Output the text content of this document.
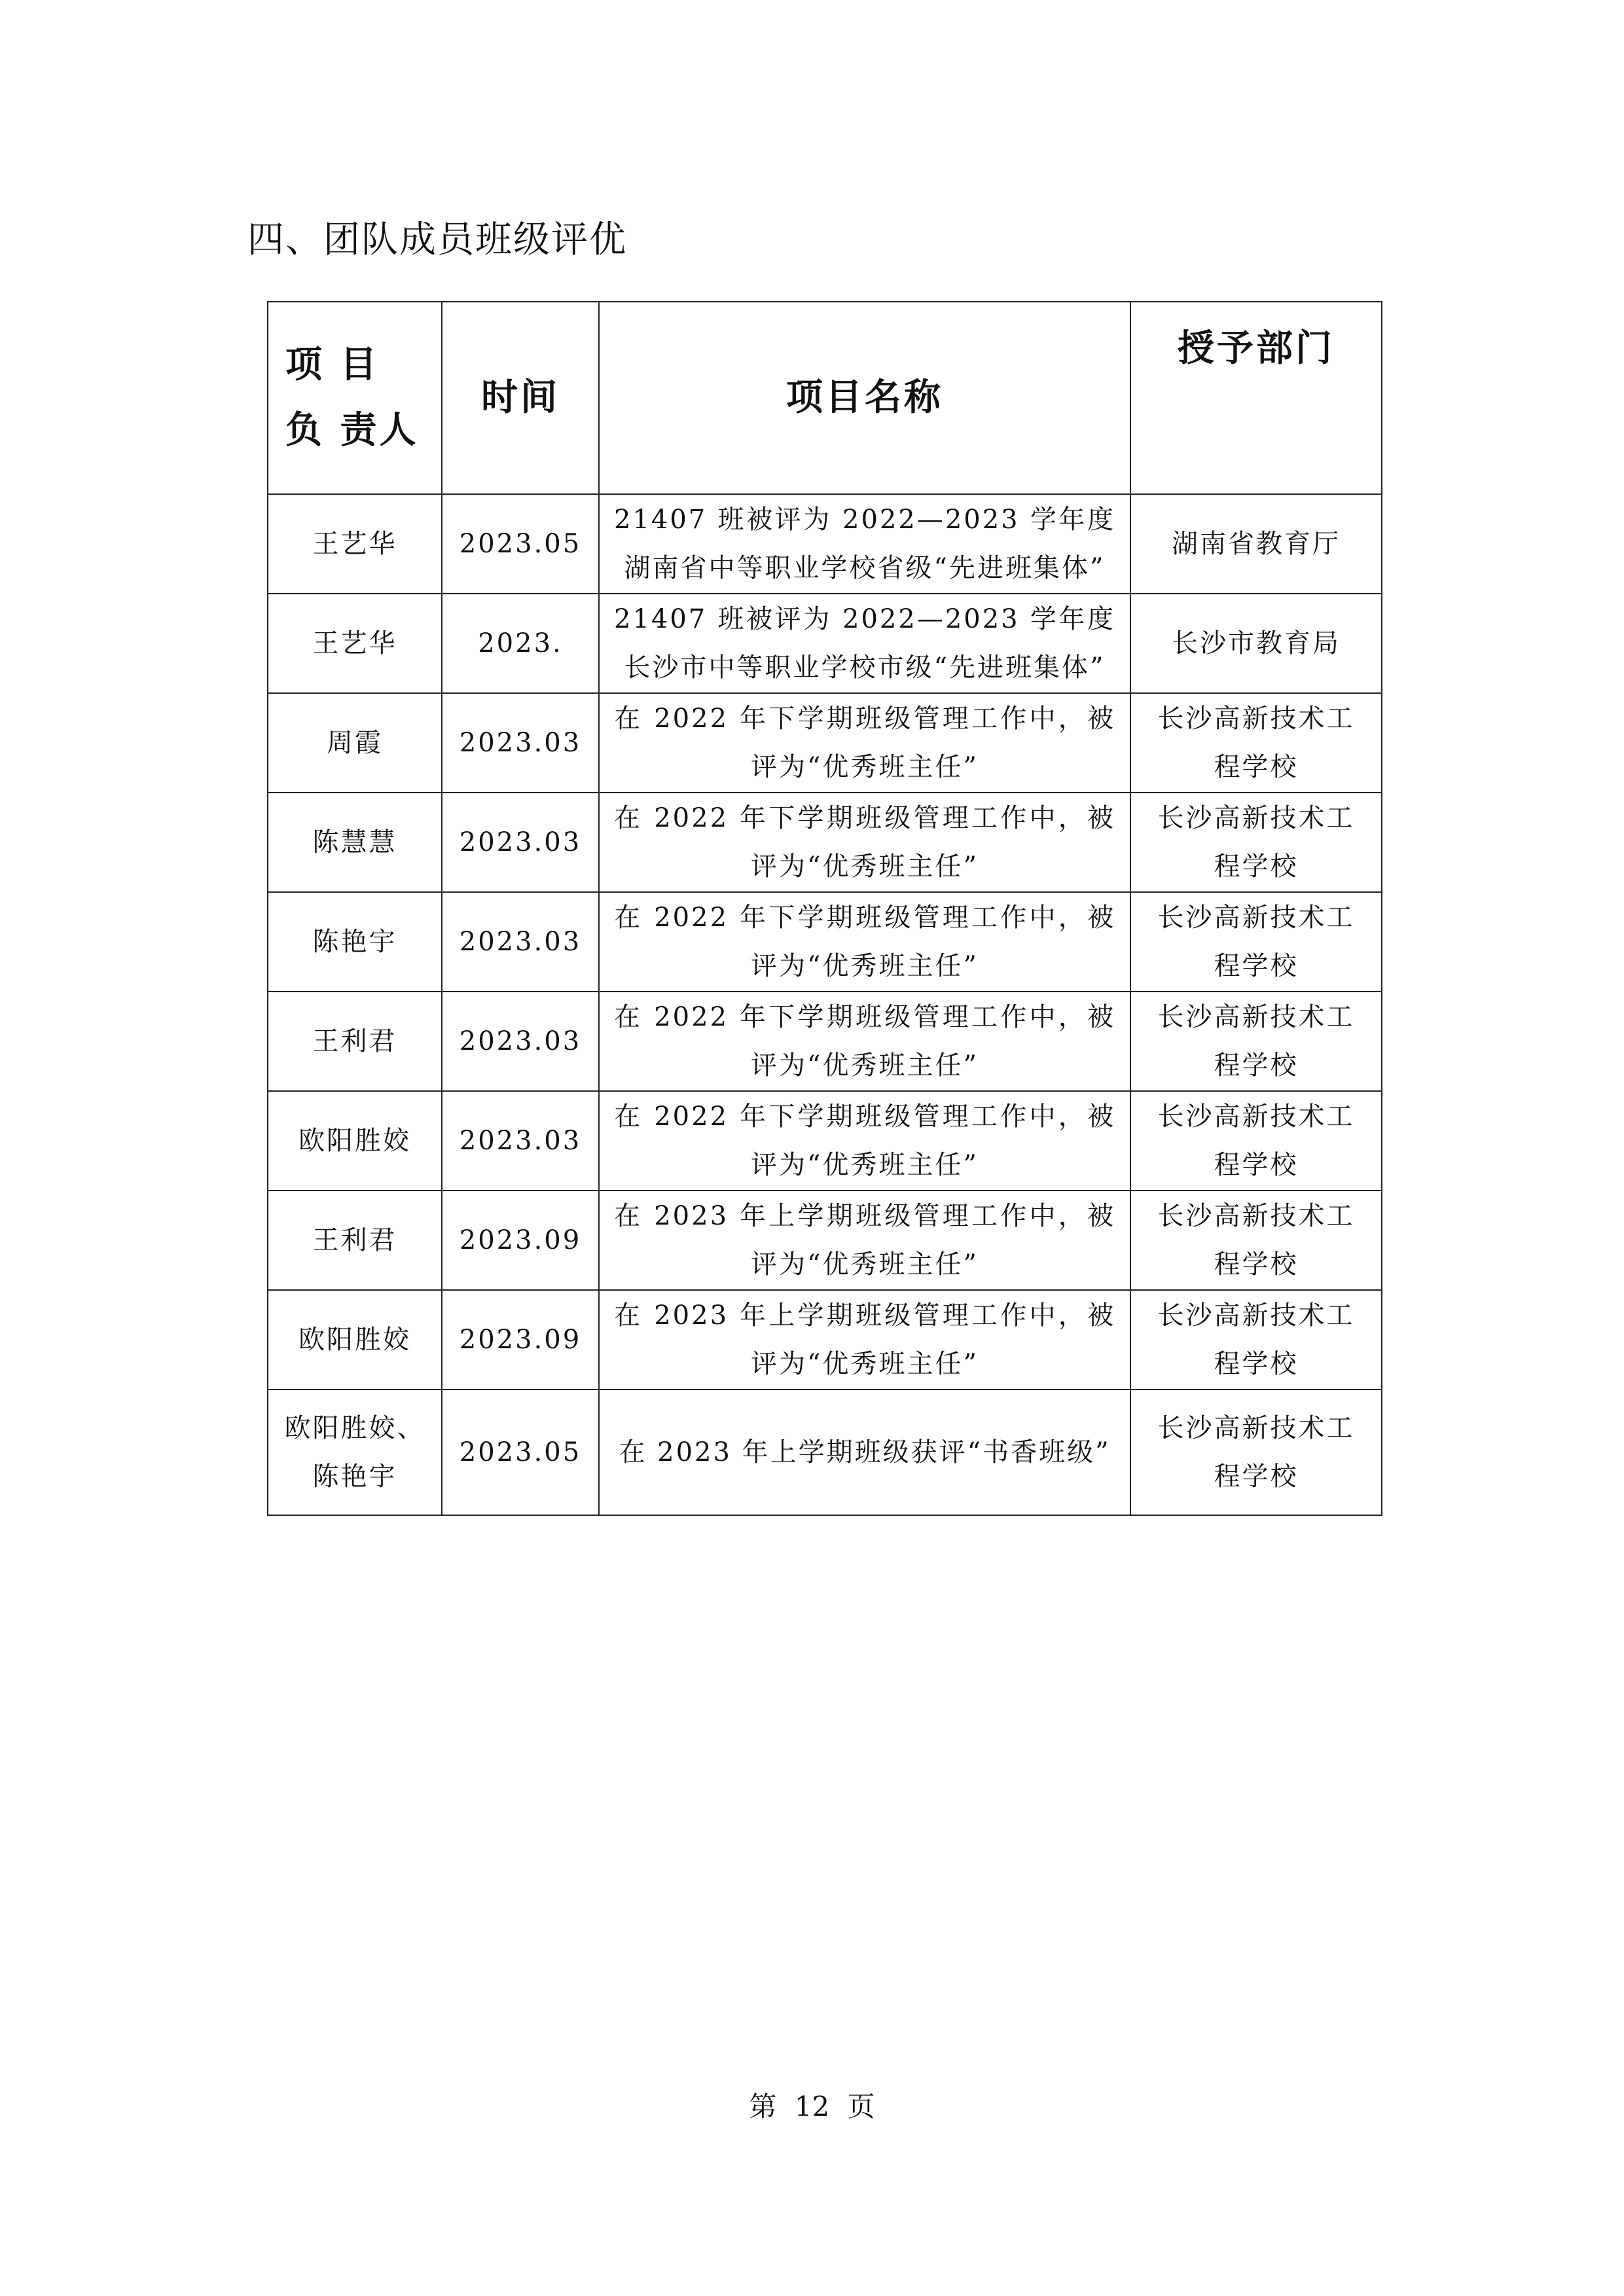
四、团队成员班级评优
项 目 负 责人	时间	项目名称	授予部门
王艺华	2023.05	21407 班被评为 2022—2023 学年度湖南省中等职业学校省级“先进班集体”	湖南省教育厅
王艺华	2023.	21407 班被评为 2022—2023 学年度长沙市中等职业学校市级“先进班集体”	长沙市教育局
周霞	2023.03	在 2022 年下学期班级管理工作中，被评为“优秀班主任”	长沙高新技术工程学校
陈慧慧	2023.03	在 2022 年下学期班级管理工作中，被评为“优秀班主任”	长沙高新技术工程学校
陈艳宇	2023.03	在 2022 年下学期班级管理工作中，被评为“优秀班主任”	长沙高新技术工程学校
王利君	2023.03	在 2022 年下学期班级管理工作中，被评为“优秀班主任”	长沙高新技术工程学校
欧阳胜姣	2023.03	在 2022 年下学期班级管理工作中，被评为“优秀班主任”	长沙高新技术工程学校
王利君	2023.09	在 2023 年上学期班级管理工作中，被评为“优秀班主任”	长沙高新技术工程学校
欧阳胜姣	2023.09	在 2023 年上学期班级管理工作中，被评为“优秀班主任”	长沙高新技术工程学校
欧阳胜姣、陈艳宇	2023.05	在 2023 年上学期班级获评“书香班级”	长沙高新技术工程学校
第 12 页
